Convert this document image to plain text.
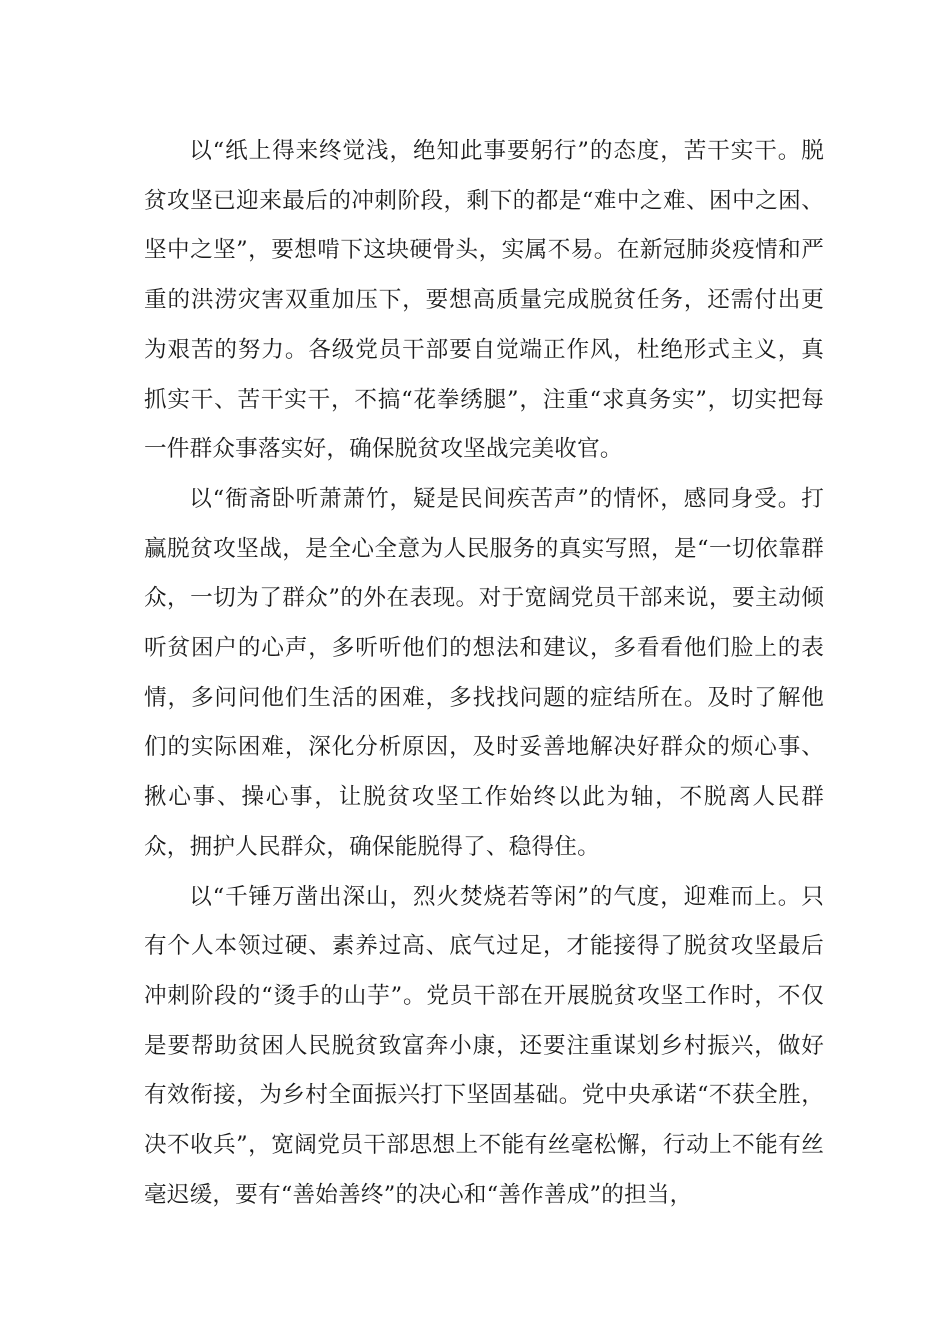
以“纸上得来终觉浅，绝知此事要躬行”的态度，苦干实干。脱贫攻坚已迎来最后的冲刺阶段，剩下的都是“难中之难、困中之困、坚中之坚”，要想啃下这块硬骨头，实属不易。在新冠肺炎疫情和严重的洪涝灾害双重加压下，要想高质量完成脱贫任务，还需付出更为艰苦的努力。各级党员干部要自觉端正作风，杜绝形式主义，真抓实干、苦干实干，不搞“花拳绣腿”，注重“求真务实”，切实把每一件群众事落实好，确保脱贫攻坚战完美收官。

以“衙斋卧听萧萧竹，疑是民间疾苦声”的情怀，感同身受。打赢脱贫攻坚战，是全心全意为人民服务的真实写照，是“一切依靠群众，一切为了群众”的外在表现。对于宽阔党员干部来说，要主动倾听贫困户的心声，多听听他们的想法和建议，多看看他们脸上的表情，多问问他们生活的困难，多找找问题的症结所在。及时了解他们的实际困难，深化分析原因，及时妥善地解决好群众的烦心事、揪心事、操心事，让脱贫攻坚工作始终以此为轴，不脱离人民群众，拥护人民群众，确保能脱得了、稳得住。

以“千锤万凿出深山，烈火焚烧若等闲”的气度，迎难而上。只有个人本领过硬、素养过高、底气过足，才能接得了脱贫攻坚最后冲刺阶段的“烫手的山芋”。党员干部在开展脱贫攻坚工作时，不仅是要帮助贫困人民脱贫致富奔小康，还要注重谋划乡村振兴，做好有效衔接，为乡村全面振兴打下坚固基础。党中央承诺“不获全胜，决不收兵”，宽阔党员干部思想上不能有丝毫松懈，行动上不能有丝毫迟缓，要有“善始善终”的决心和“善作善成”的担当，
